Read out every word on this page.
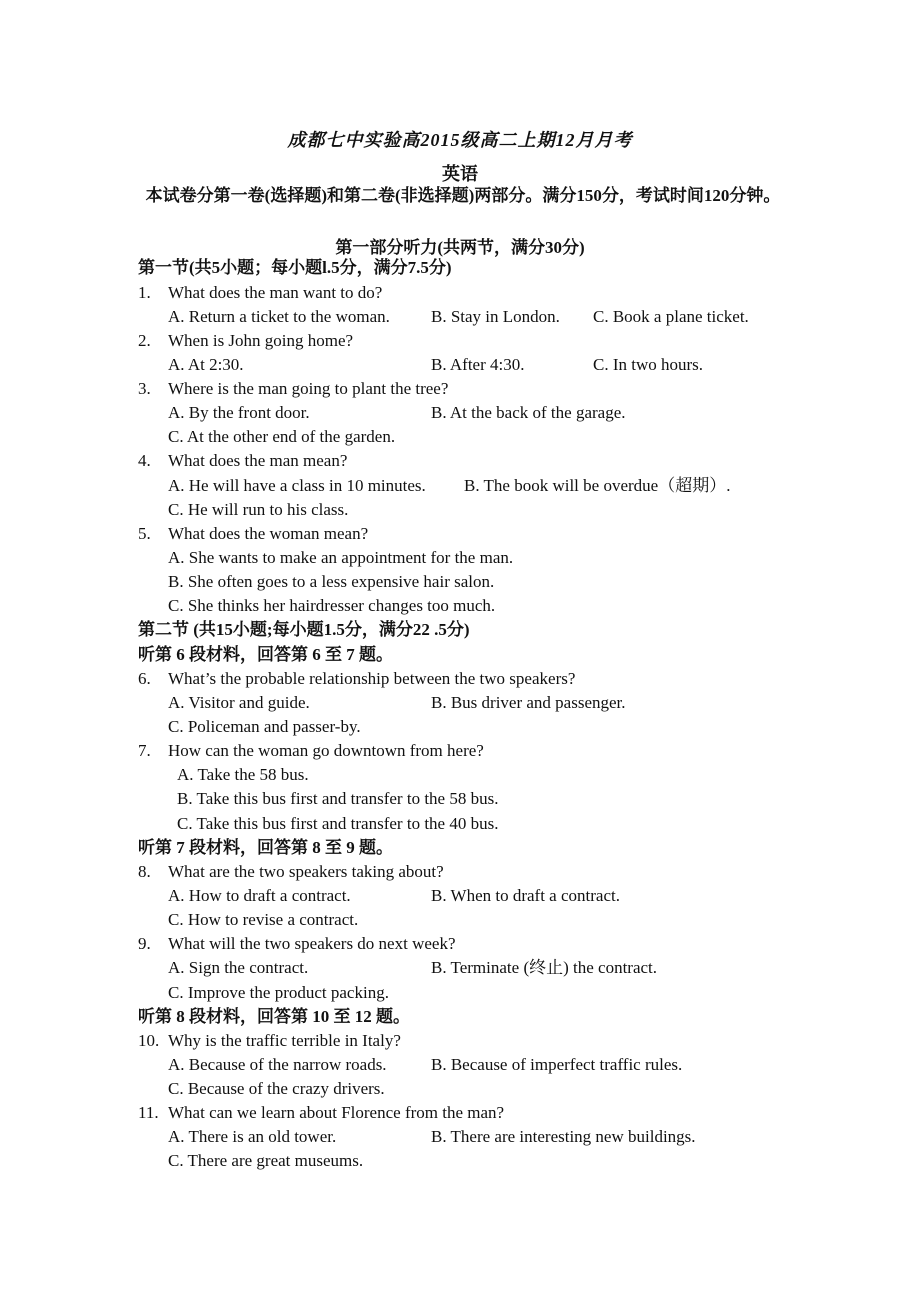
成都七中实验高2015级高二上期12月月考
英语
本试卷分第一卷(选择题)和第二卷(非选择题)两部分。满分150分，考试时间120分钟。
第一部分听力(共两节，满分30分)
第一节(共5小题；每小题l.5分，满分7.5分)
1. What does the man want to do?
A. Return a ticket to the woman. B. Stay in London. C. Book a plane ticket.
2. When is John going home?
A. At 2:30.	B. After 4:30.	C. In two hours.
3. Where is the man going to plant the tree?
A. By the front door.	B. At the back of the garage.
C. At the other end of the garden.
4. What does the man mean?
A. He will have a class in 10 minutes. B. The book will be overdue（超期）.
C. He will run to his class.
5. What does the woman mean?
A. She wants to make an appointment for the man.
B. She often goes to a less expensive hair salon.
C. She thinks her hairdresser changes too much.
第二节 (共15小题;每小题1.5分，满分22 .5分)
听第 6 段材料，回答第 6 至 7 题。
6. What’s the probable relationship between the two speakers?
A. Visitor and guide.	B. Bus driver and passenger.
C. Policeman and passer-by.
7. How can the woman go downtown from here?
A. Take the 58 bus.
B. Take this bus first and transfer to the 58 bus.
C. Take this bus first and transfer to the 40 bus.
听第 7 段材料，回答第 8 至 9 题。
8. What are the two speakers taking about?
A. How to draft a contract.	B. When to draft a contract.
C. How to revise a contract.
9. What will the two speakers do next week?
A. Sign the contract.	B. Terminate (终止) the contract.
C. Improve the product packing.
听第 8 段材料，回答第 10 至 12 题。
10. Why is the traffic terrible in Italy?
A. Because of the narrow roads.	B. Because of imperfect traffic rules.
C. Because of the crazy drivers.
11. What can we learn about Florence from the man?
A. There is an old tower.	B. There are interesting new buildings.
C. There are great museums.
